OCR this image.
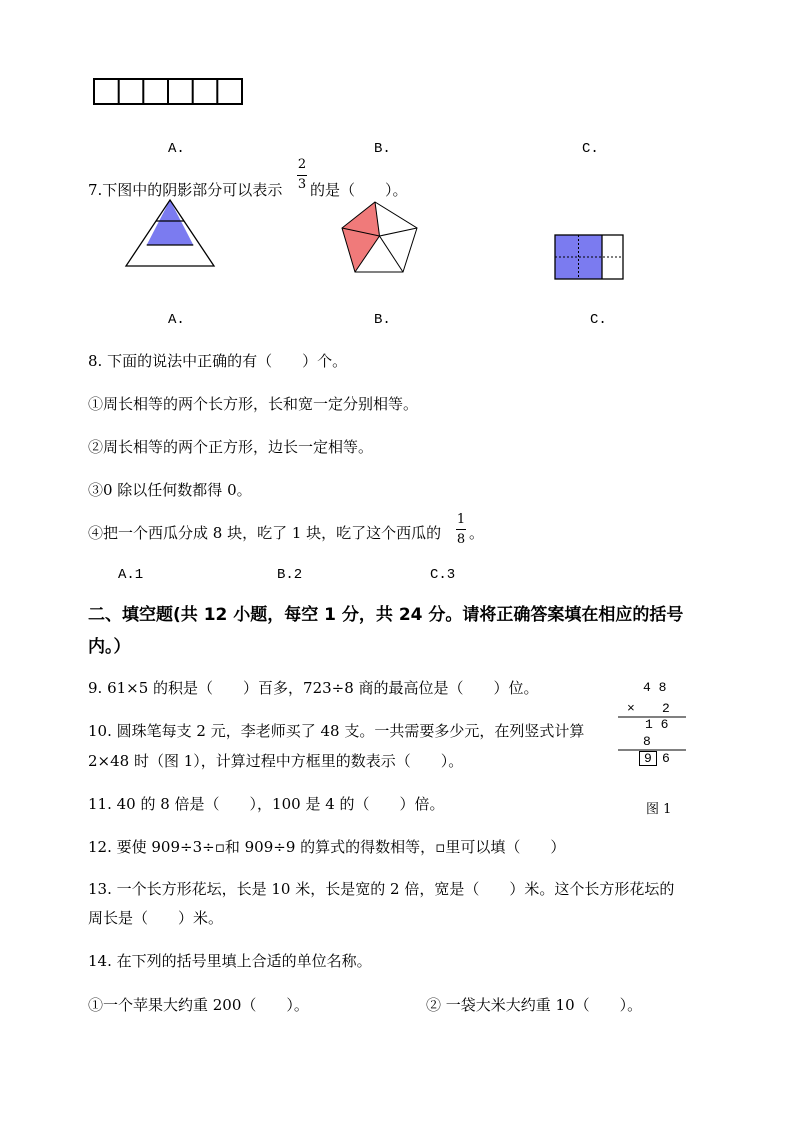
A.	B.	C.
7.下图中的阴影部分可以表示
2
3 的是（　　）。
A.	B.	C.
8. 下面的说法中正确的有（　　）个。
①周长相等的两个长方形，长和宽一定分别相等。
②周长相等的两个正方形，边长一定相等。
③0 除以任何数都得 0。
④把一个西瓜分成 8 块，吃了 1 块，吃了这个西瓜的
1
8 。
A.1	B.2	C.3
二、填空题(共 12 小题，每空 1 分，共 24 分。请将正确答案填在相应的括号
内。）
9. 61×5 的积是（　　）百多，723÷8 商的最高位是（　　）位。
10. 圆珠笔每支 2 元，李老师买了 48 支。一共需要多少元，在列竖式计算
2×48 时（图 1），计算过程中方框里的数表示（　　）。
4 8
× 2
1 6
8
9 6
图 1
11. 40 的 8 倍是（　　），100 是 4 的（　　）倍。
12. 要使 909÷3÷▫和 909÷9 的算式的得数相等，▫里可以填（　　）
13. 一个长方形花坛，长是 10 米，长是宽的 2 倍，宽是（　　）米。这个长方形花坛的
周长是（　　）米。
14. 在下列的括号里填上合适的单位名称。
①一个苹果大约重 200（　　）。	② 一袋大米大约重 10（　　）。
